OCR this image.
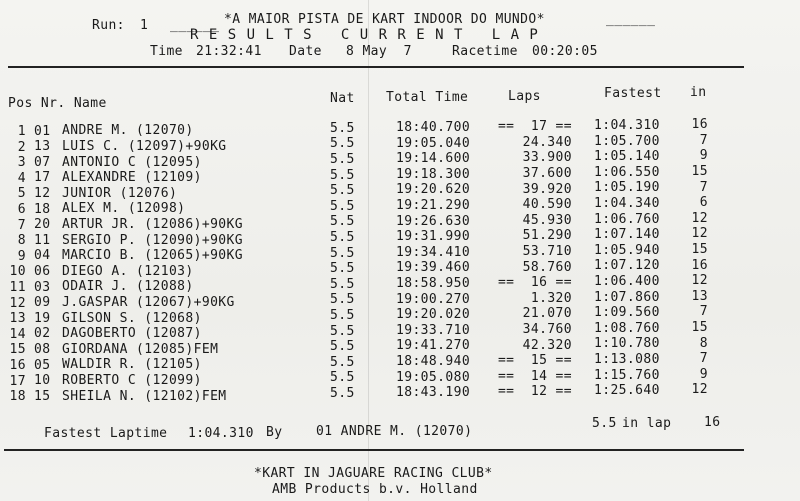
Run: 1 ______ *A MAIOR PISTA DE KART INDOOR DO MUNDO*	______
R E S U L T S   C U R R E N T   L A P
Time 21:32:41 Date 8 May  7	Racetime 00:20:05
Pos Nr. Name	Nat Total Time	Laps	Fastest in
1 01 ANDRE M. (12070)	5.5	18:40.700	==  17 == 1:04.310	16
2 13 LUIS C. (12097)+90KG	5.5	19:05.040	24.340 1:05.700	7
3 07 ANTONIO C (12095)	5.5	19:14.600	33.900 1:05.140	9
4 17 ALEXANDRE (12109)	5.5	19:18.300	37.600 1:06.550	15
5 12 JUNIOR (12076)	5.5	19:20.620	39.920 1:05.190	7
6 18 ALEX M. (12098)	5.5	19:21.290	40.590 1:04.340	6
7 20 ARTUR JR. (12086)+90KG	5.5	19:26.630	45.930 1:06.760	12
8 11 SERGIO P. (12090)+90KG	5.5	19:31.990	51.290 1:07.140	12
9 04 MARCIO B. (12065)+90KG	5.5	19:34.410	53.710 1:05.940	15
10 06 DIEGO A. (12103)	5.5	19:39.460	58.760 1:07.120	16
11 03 ODAIR J. (12088)	5.5	18:58.950	==  16 == 1:06.400	12
12 09 J.GASPAR (12067)+90KG	5.5	19:00.270	1.320 1:07.860	13
13 19 GILSON S. (12068)	5.5	19:20.020	21.070 1:09.560	7
14 02 DAGOBERTO (12087)	5.5	19:33.710	34.760 1:08.760	15
15 08 GIORDANA (12085)FEM	5.5	19:41.270	42.320 1:10.780	8
16 05 WALDIR R. (12105)	5.5	18:48.940	==  15 == 1:13.080	7
17 10 ROBERTO C (12099)	5.5	19:05.080	==  14 == 1:15.760	9
18 15 SHEILA N. (12102)FEM	5.5	18:43.190	==  12 == 1:25.640	12
Fastest Laptime 1:04.310 By	01 ANDRE M. (12070)
5.5 in lap	16
*KART IN JAGUARE RACING CLUB*
AMB Products b.v. Holland
